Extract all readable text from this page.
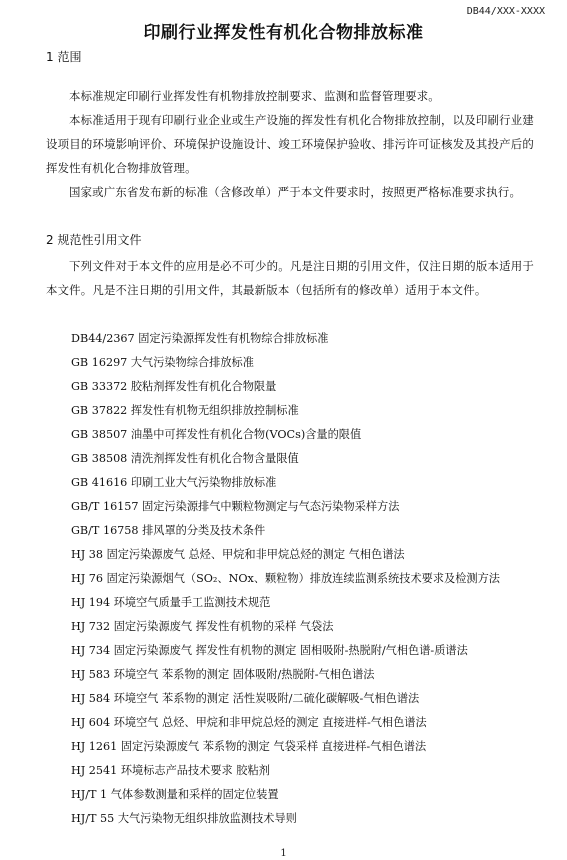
DB44/XXX-XXXX
印刷行业挥发性有机化合物排放标准
1 范围

本标准规定印刷行业挥发性有机物排放控制要求、监测和监督管理要求。

本标准适用于现有印刷行业企业或生产设施的挥发性有机化合物排放控制，以及印刷行业建设项目的环境影响评价、环境保护设施设计、竣工环境保护验收、排污许可证核发及其投产后的挥发性有机化合物排放管理。

国家或广东省发布新的标准（含修改单）严于本文件要求时，按照更严格标准要求执行。

2 规范性引用文件

下列文件对于本文件的应用是必不可少的。凡是注日期的引用文件，仅注日期的版本适用于本文件。凡是不注日期的引用文件，其最新版本（包括所有的修改单）适用于本文件。

DB44/2367 固定污染源挥发性有机物综合排放标准
GB 16297 大气污染物综合排放标准
GB 33372 胶粘剂挥发性有机化合物限量
GB 37822 挥发性有机物无组织排放控制标准
GB 38507 油墨中可挥发性有机化合物(VOCs)含量的限值
GB 38508 清洗剂挥发性有机化合物含量限值
GB 41616 印刷工业大气污染物排放标准
GB/T 16157 固定污染源排气中颗粒物测定与气态污染物采样方法
GB/T 16758 排风罩的分类及技术条件
HJ 38 固定污染源废气 总烃、甲烷和非甲烷总烃的测定 气相色谱法
HJ 76 固定污染源烟气（SO₂、NOx、颗粒物）排放连续监测系统技术要求及检测方法
HJ 194 环境空气质量手工监测技术规范
HJ 732 固定污染源废气 挥发性有机物的采样 气袋法
HJ 734 固定污染源废气 挥发性有机物的测定 固相吸附-热脱附/气相色谱-质谱法
HJ 583 环境空气 苯系物的测定 固体吸附/热脱附-气相色谱法
HJ 584 环境空气 苯系物的测定 活性炭吸附/二硫化碳解吸-气相色谱法
HJ 604 环境空气 总烃、甲烷和非甲烷总烃的测定 直接进样-气相色谱法
HJ 1261 固定污染源废气 苯系物的测定 气袋采样 直接进样-气相色谱法
HJ 2541 环境标志产品技术要求 胶粘剂
HJ/T 1 气体参数测量和采样的固定位装置
HJ/T 55 大气污染物无组织排放监测技术导则
1
